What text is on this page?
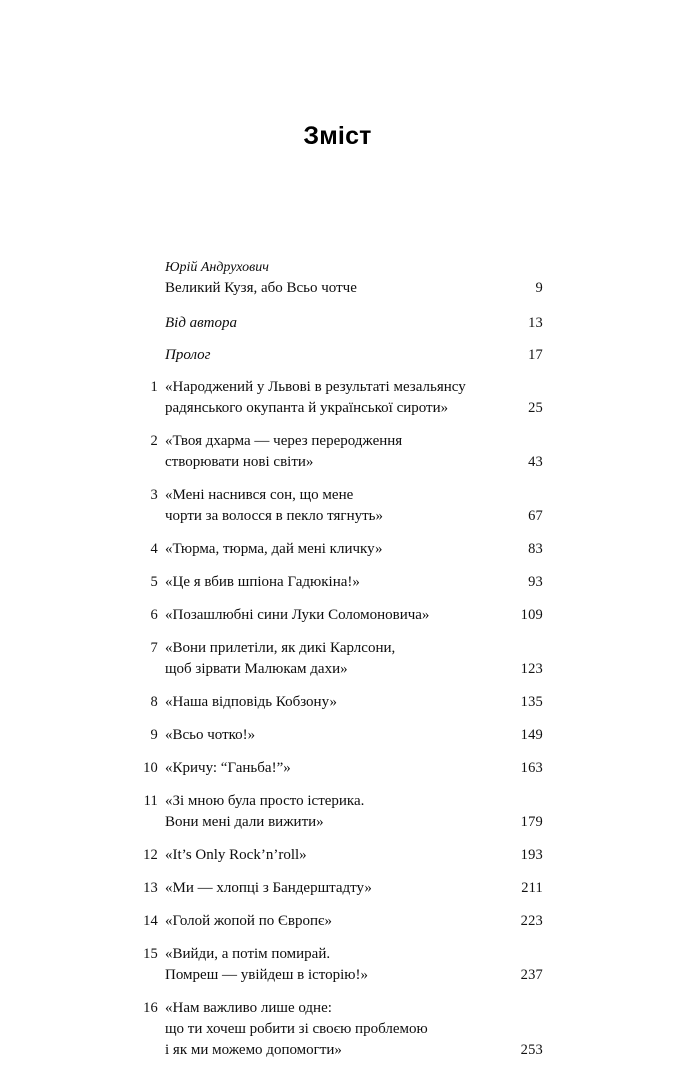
Зміст
Юрій Андрухович
Великий Кузя, або Всьо чотче .....	9
Від автора .....	13
Пролог .....	17
1 «Народжений у Львові в результаті мезальянсу
радянського окупанта й української сироти» .....	25
2 «Твоя дхарма — через переродження
створювати нові світи» .....	43
3 «Мені наснився сон, що мене
чорти за волосся в пекло тягнуть» .....	67
4 «Тюрма, тюрма, дай мені кличку» .....	83
5 «Це я вбив шпіона Гадюкіна!» .....	93
6 «Позашлюбні сини Луки Соломоновича» .....	109
7 «Вони прилетіли, як дикі Карлсони,
щоб зірвати Малюкам дахи» .....	123
8 «Наша відповідь Кобзону» .....	135
9 «Всьо чотко!» .....	149
10 «Кричу: “Ганьба!”» .....	163
11 «Зі мною була просто істерика.
Вони мені дали вижити» .....	179
12 «It’s Only Rock’n’roll» .....	193
13 «Ми — хлопці з Бандерштадту» .....	211
14 «Голой жопой по Європє» .....	223
15 «Вийди, а потім помирай.
Помреш — увійдеш в історію!» .....	237
16 «Нам важливо лише одне:
що ти хочеш робити зі своєю проблемою
і як ми можемо допомогти» .....	253
